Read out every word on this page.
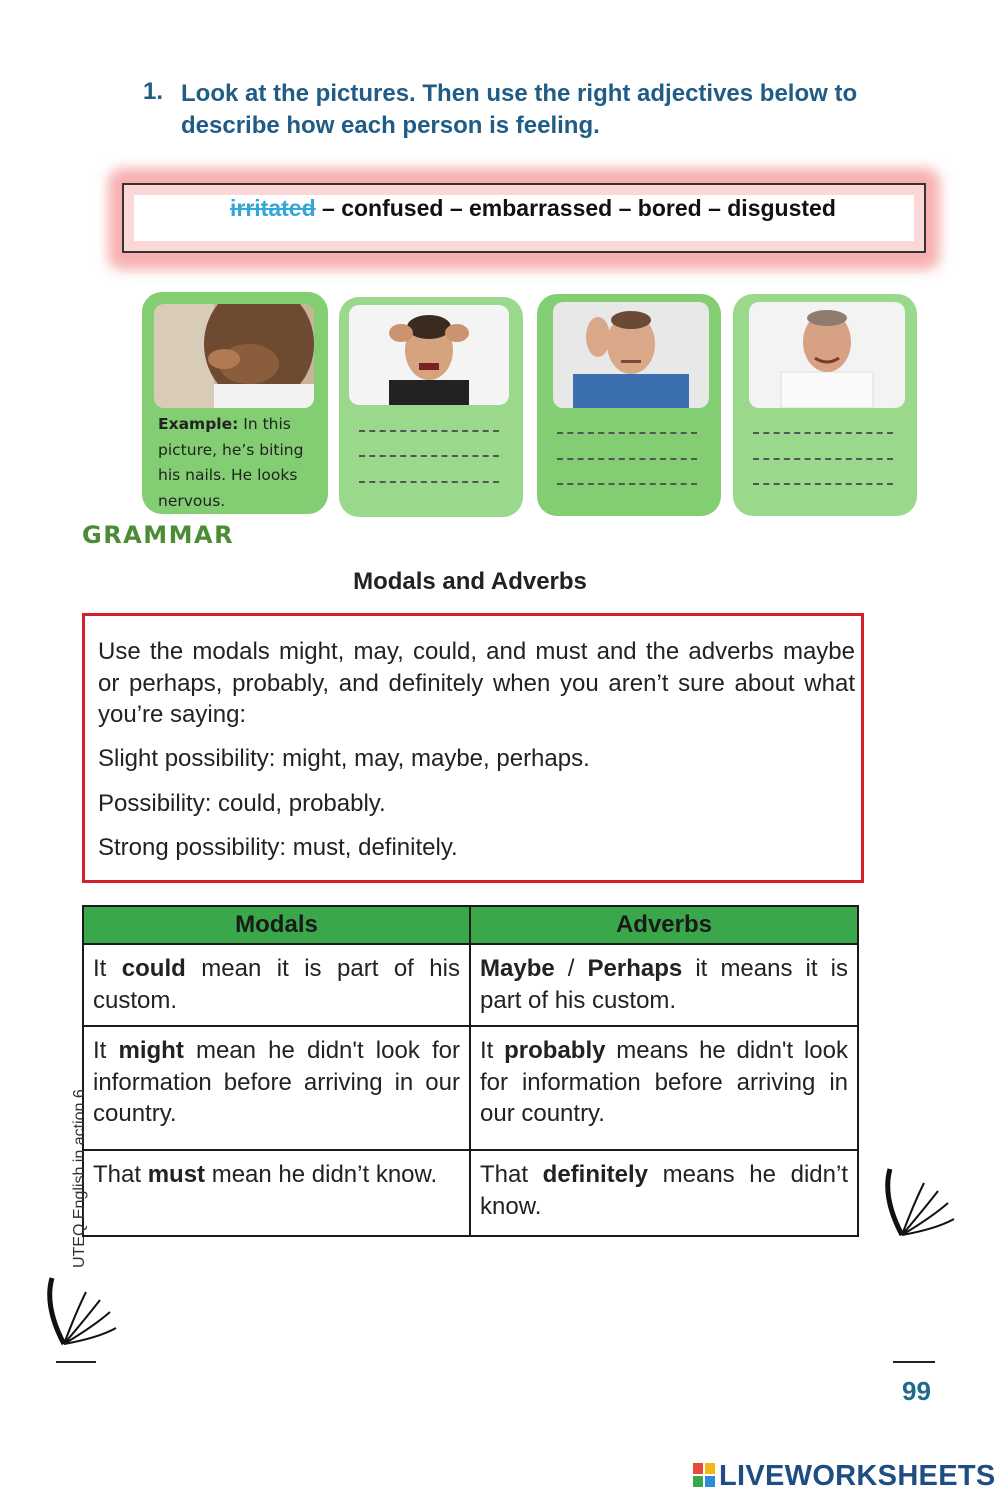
1. Look at the pictures. Then use the right adjectives below to describe how each person is feeling.
irritated – confused – embarrassed – bored – disgusted
Example: In this picture, he’s biting his nails. He looks nervous.
GRAMMAR
Modals and Adverbs
Use the modals might, may, could, and must and the adverbs maybe or perhaps, probably, and definitely when you aren’t sure about what you’re saying:
Slight possibility: might, may, maybe, perhaps.
Possibility: could, probably.
Strong possibility: must, definitely.
Modals	Adverbs
It could mean it is part of his custom.	Maybe / Perhaps it means it is part of his custom.
It might mean he didn't look for information before arriving in our country.	It probably means he didn't look for information before arriving in our country.
That must mean he didn’t know.	That definitely means he didn’t know.
UTEQ English in action 6
99
LIVEWORKSHEETS
